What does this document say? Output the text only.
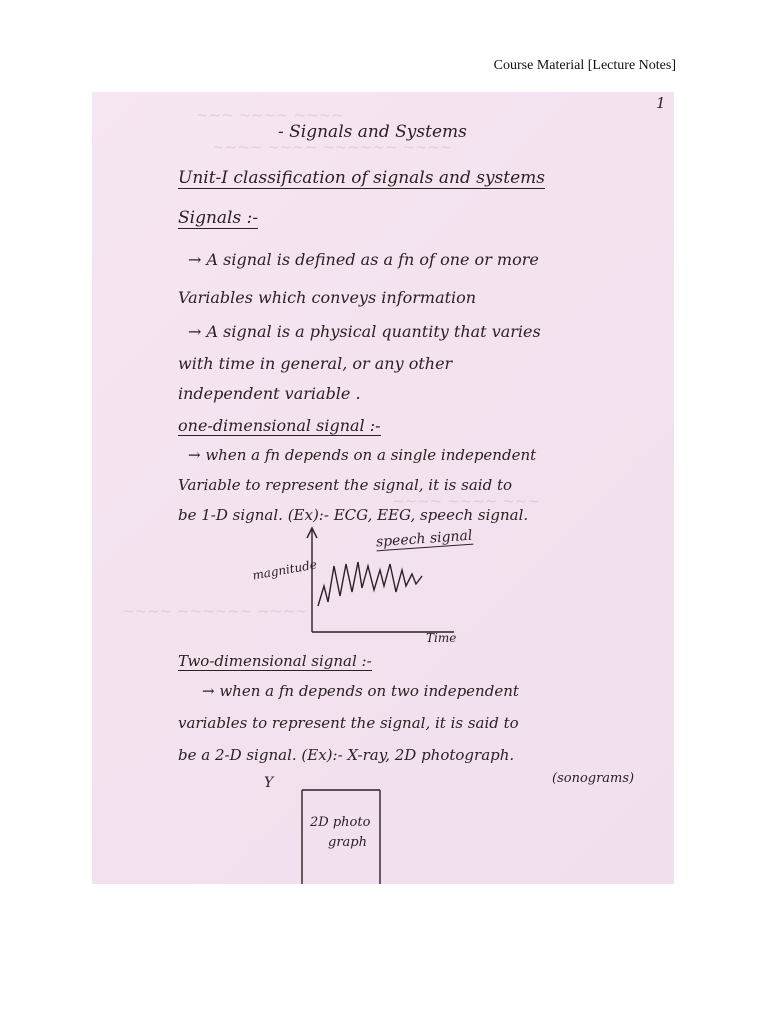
Course Material [Lecture Notes]
~~~ ~~~~ ~~~~
~~~~ ~~~~ ~~~~~~ ~~~~
~~~~ ~~~~ ~~~
~~~~ ~~~~~~ ~~~~
1
- Signals and Systems
Unit-I classification of signals and systems
Signals :-
→ A signal is defined as a fn of one or more
Variables which conveys information
→ A signal is a physical quantity that varies
with time in general, or any other
independent variable .
one-dimensional signal :-
→ when a fn depends on a single independent
Variable to represent the signal, it is said to
be 1-D signal. (Ex):- ECG, EEG, speech signal.
magnitude
speech signal
Time
Two-dimensional signal :-
→ when a fn depends on two independent
variables to represent the signal, it is said to
be a 2-D signal. (Ex):- X-ray, 2D photograph.
(sonograms)
Y
2D photo
graph
